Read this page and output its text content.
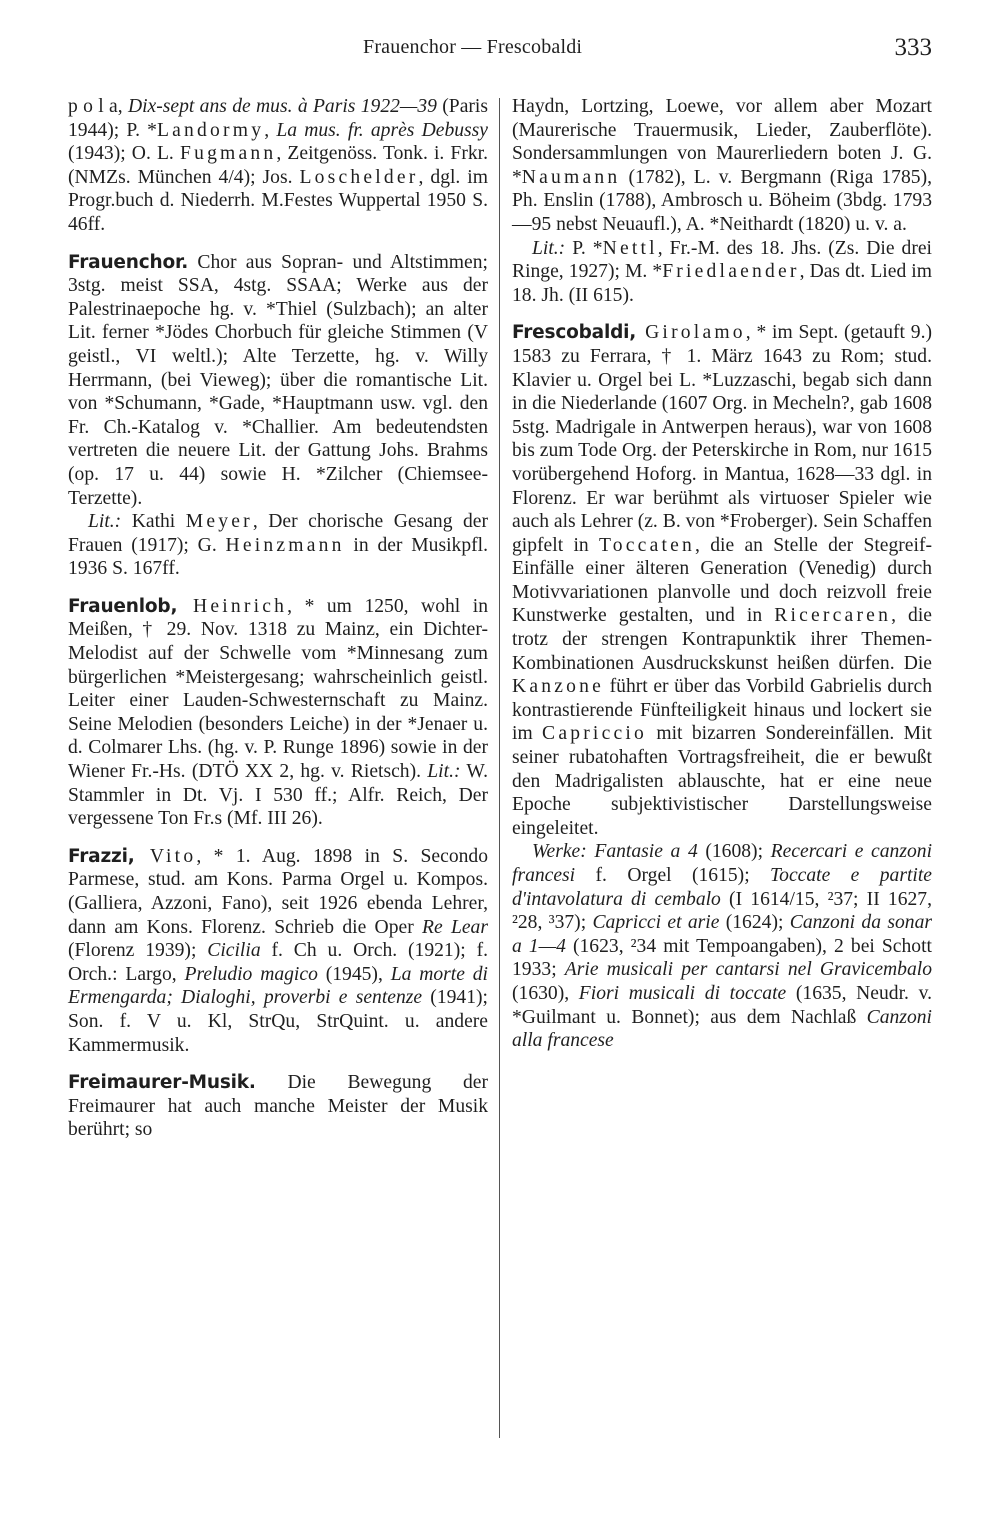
Frauenchor — Frescobaldi	333

p o l a, Dix-sept ans de mus. à Paris 1922—39 (Paris 1944); P. *Landormy, La mus. fr. après Debussy (1943); O. L. Fugmann, Zeitgenöss. Tonk. i. Frkr. (NMZs. München 4/4); Jos. Loschelder, dgl. im Progr.buch d. Niederrh. M.Festes Wuppertal 1950 S. 46ff.

Frauenchor. Chor aus Sopran- und Altstimmen; 3stg. meist SSA, 4stg. SSAA; Werke aus der Palestrinaepoche hg. v. *Thiel (Sulzbach); an alter Lit. ferner *Jödes Chorbuch für gleiche Stimmen (V geistl., VI weltl.); Alte Terzette, hg. v. Willy Herrmann, (bei Vieweg); über die romantische Lit. von *Schumann, *Gade, *Hauptmann usw. vgl. den Fr. Ch.-Katalog v. *Challier. Am bedeutendsten vertreten die neuere Lit. der Gattung Johs. Brahms (op. 17 u. 44) sowie H. *Zilcher (Chiemsee-Terzette).

Lit.: Kathi Meyer, Der chorische Gesang der Frauen (1917); G. Heinzmann in der Musikpfl. 1936 S. 167ff.

Frauenlob, Heinrich, * um 1250, wohl in Meißen, † 29. Nov. 1318 zu Mainz, ein Dichter-Melodist auf der Schwelle vom *Minnesang zum bürgerlichen *Meistergesang; wahrscheinlich geistl. Leiter einer Lauden-Schwesternschaft zu Mainz. Seine Melodien (besonders Leiche) in der *Jenaer u. d. Colmarer Lhs. (hg. v. P. Runge 1896) sowie in der Wiener Fr.-Hs. (DTÖ XX 2, hg. v. Rietsch). Lit.: W. Stammler in Dt. Vj. I 530 ff.; Alfr. Reich, Der vergessene Ton Fr.s (Mf. III 26).

Frazzi, Vito, * 1. Aug. 1898 in S. Secondo Parmese, stud. am Kons. Parma Orgel u. Kompos. (Galliera, Azzoni, Fano), seit 1926 ebenda Lehrer, dann am Kons. Florenz. Schrieb die Oper Re Lear (Florenz 1939); Cicilia f. Ch u. Orch. (1921); f. Orch.: Largo, Preludio magico (1945), La morte di Ermengarda; Dialoghi, proverbi e sentenze (1941); Son. f. V u. Kl, StrQu, StrQuint. u. andere Kammermusik.

Freimaurer-Musik. Die Bewegung der Freimaurer hat auch manche Meister der Musik berührt; so

Haydn, Lortzing, Loewe, vor allem aber Mozart (Maurerische Trauermusik, Lieder, Zauberflöte). Sondersammlungen von Maurerliedern boten J. G. *Naumann (1782), L. v. Bergmann (Riga 1785), Ph. Enslin (1788), Ambrosch u. Böheim (3bdg. 1793—95 nebst Neuaufl.), A. *Neithardt (1820) u. v. a.

Lit.: P. *Nettl, Fr.-M. des 18. Jhs. (Zs. Die drei Ringe, 1927); M. *Friedlaender, Das dt. Lied im 18. Jh. (II 615).

Frescobaldi, Girolamo, * im Sept. (getauft 9.) 1583 zu Ferrara, † 1. März 1643 zu Rom; stud. Klavier u. Orgel bei L. *Luzzaschi, begab sich dann in die Niederlande (1607 Org. in Mecheln?, gab 1608 5stg. Madrigale in Antwerpen heraus), war von 1608 bis zum Tode Org. der Peterskirche in Rom, nur 1615 vorübergehend Hoforg. in Mantua, 1628—33 dgl. in Florenz. Er war berühmt als virtuoser Spieler wie auch als Lehrer (z. B. von *Froberger). Sein Schaffen gipfelt in Toccaten, die an Stelle der Stegreif-Einfälle einer älteren Generation (Venedig) durch Motivvariationen planvolle und doch reizvoll freie Kunstwerke gestalten, und in Ricercaren, die trotz der strengen Kontrapunktik ihrer Themen-Kombinationen Ausdruckskunst heißen dürfen. Die Kanzone führt er über das Vorbild Gabrielis durch kontrastierende Fünfteiligkeit hinaus und lockert sie im Capriccio mit bizarren Sondereinfällen. Mit seiner rubatohaften Vortragsfreiheit, die er bewußt den Madrigalisten ablauschte, hat er eine neue Epoche subjektivistischer Darstellungsweise eingeleitet.

Werke: Fantasie a 4 (1608); Recercari e canzoni francesi f. Orgel (1615); Toccate e partite d'intavolatura di cembalo (I 1614/15, ²37; II 1627, ²28, ³37); Capricci et arie (1624); Canzoni da sonar a 1—4 (1623, ²34 mit Tempoangaben), 2 bei Schott 1933; Arie musicali per cantarsi nel Gravicembalo (1630), Fiori musicali di toccate (1635, Neudr. v. *Guilmant u. Bonnet); aus dem Nachlaß Canzoni alla francese
